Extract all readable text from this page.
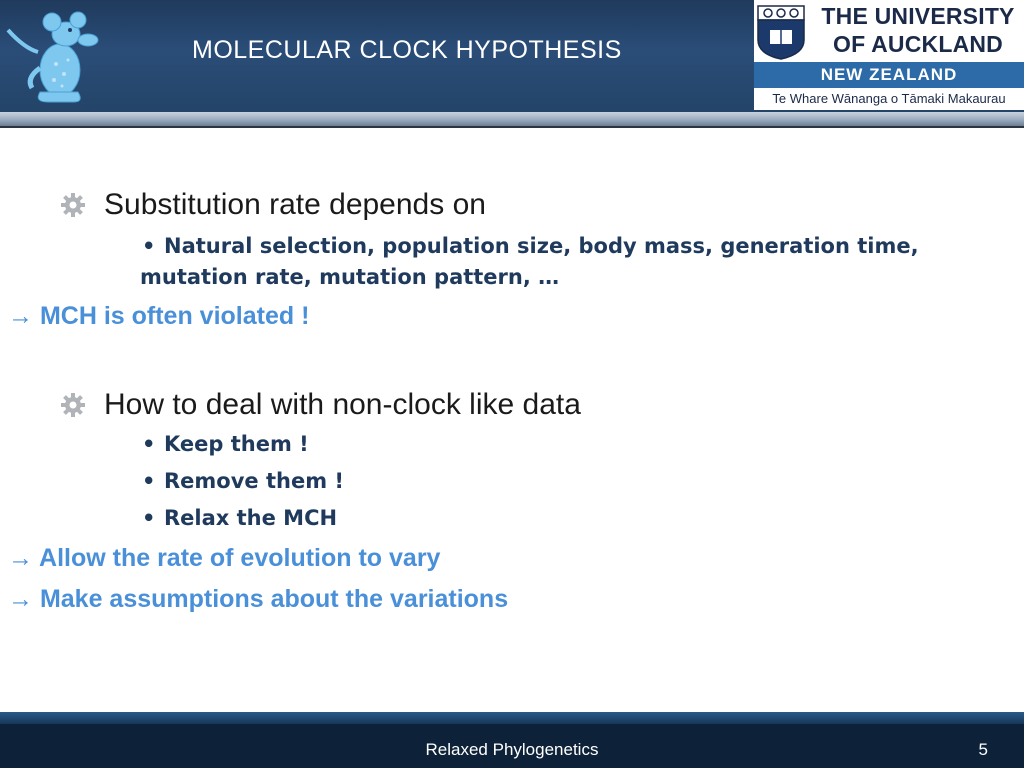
MOLECULAR CLOCK HYPOTHESIS
THE UNIVERSITY
OF AUCKLAND
NEW ZEALAND
Te Whare Wānanga o Tāmaki Makaurau
Substitution rate depends on
• Natural selection, population size, body mass, generation time, mutation rate, mutation pattern, …
→ MCH is often violated !
How to deal with non-clock like data
• Keep them !
• Remove them !
• Relax the MCH
→ Allow the rate of evolution to vary
→ Make assumptions about the variations
Relaxed Phylogenetics	5
